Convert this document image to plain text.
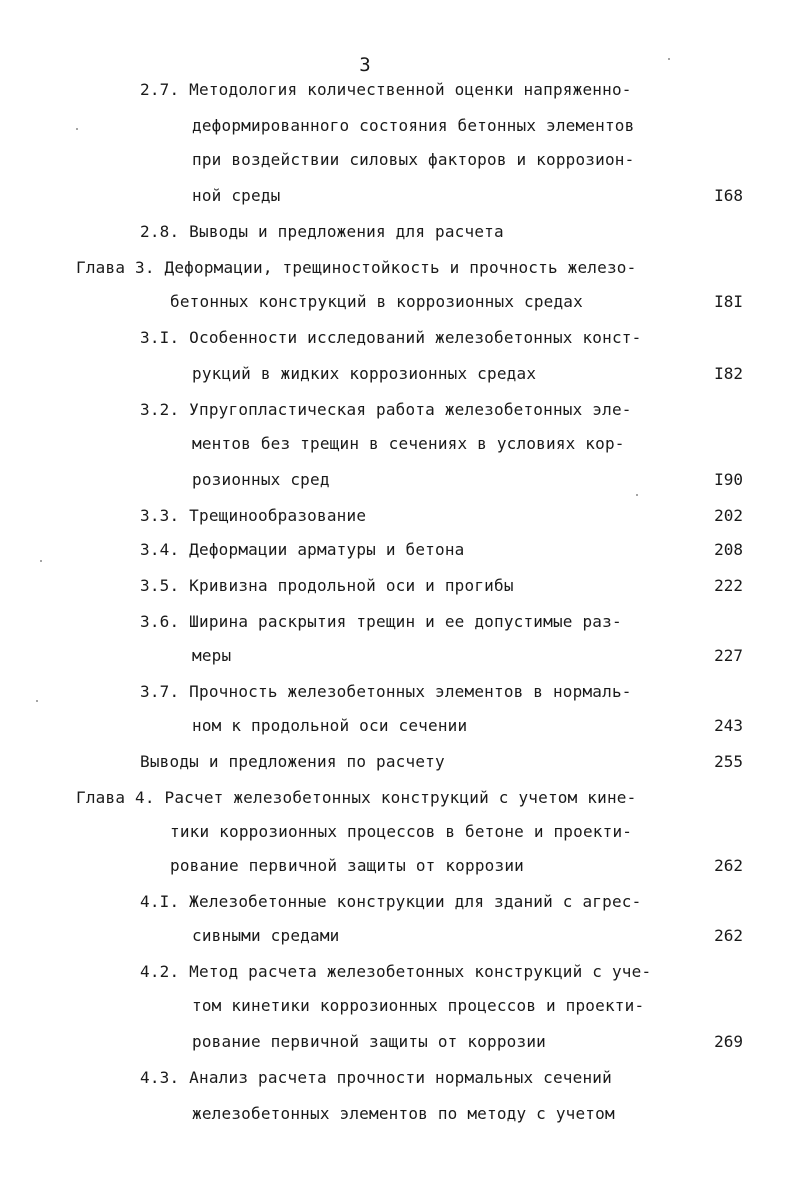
3
2.7. Методология количественной оценки напряженно-
деформированного состояния бетонных элементов
при воздействии силовых факторов и коррозион-
ной среды	I68
2.8. Выводы и предложения для расчета
Глава 3. Деформации, трещиностойкость и прочность железо-
бетонных конструкций в коррозионных средах	I8I
3.I. Особенности исследований железобетонных конст-
рукций в жидких коррозионных средах	I82
3.2. Упругопластическая работа железобетонных эле-
ментов без трещин в сечениях в условиях кор-
розионных сред	I90
3.3. Трещинообразование	202
3.4. Деформации арматуры и бетона	208
3.5. Кривизна продольной оси и прогибы	222
3.6. Ширина раскрытия трещин и ее допустимые раз-
меры	227
3.7. Прочность железобетонных элементов в нормаль-
ном к продольной оси сечении	243
Выводы и предложения по расчету	255
Глава 4. Расчет железобетонных конструкций с учетом кине-
тики коррозионных процессов в бетоне и проекти-
рование первичной защиты от коррозии	262
4.I. Железобетонные конструкции для зданий с агрес-
сивными средами	262
4.2. Метод расчета железобетонных конструкций с уче-
том кинетики коррозионных процессов и проекти-
рование первичной защиты от коррозии	269
4.3. Анализ расчета прочности нормальных сечений
железобетонных элементов по методу с учетом
